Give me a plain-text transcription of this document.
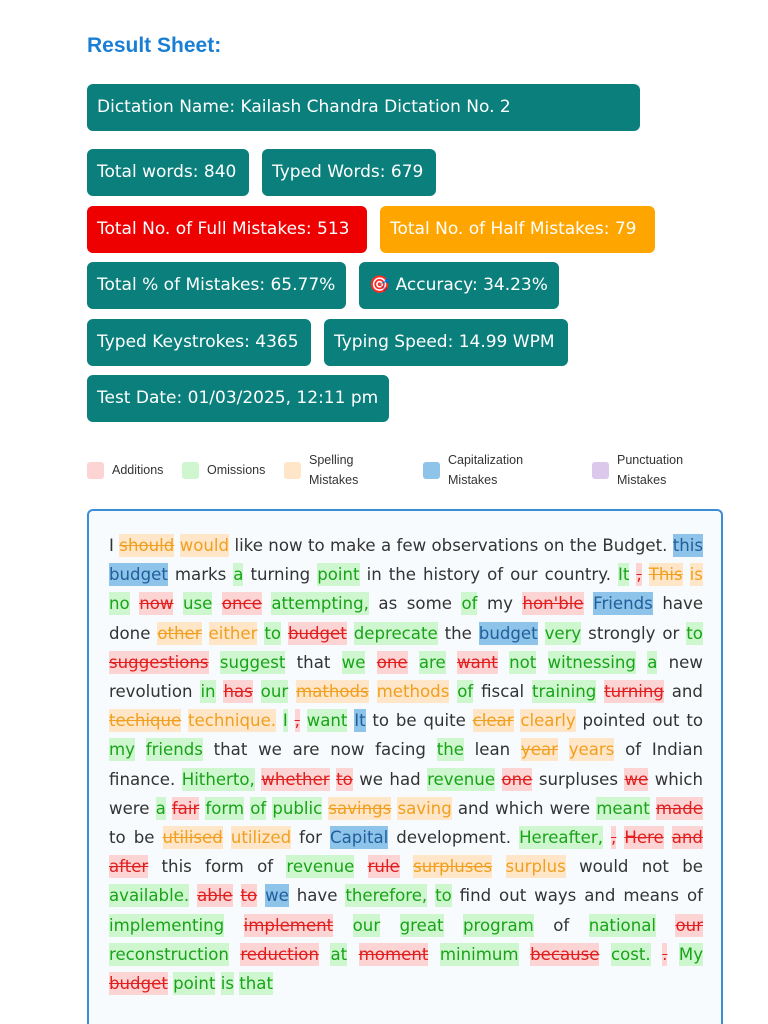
Result Sheet:
Dictation Name: Kailash Chandra Dictation No. 2
Total words: 840	Typed Words: 679
Total No. of Full Mistakes: 513	Total No. of Half Mistakes: 79
Total % of Mistakes: 65.77%	🎯 Accuracy: 34.23%
Typed Keystrokes: 4365	Typing Speed: 14.99 WPM
Test Date: 01/03/2025, 12:11 pm
Additions	Omissions
Spelling Mistakes
Capitalization Mistakes
Punctuation Mistakes
I should would like now to make a few observations on the Budget. this budget marks a turning point in the history of our country. It , This is no now use once attempting, as some of my hon'ble Friends have done other either to budget deprecate the budget very strongly or to suggestions suggest that we one are want not witnessing a new revolution in has our mathods methods of fiscal training turning and techique technique. I , want It to be quite clear clearly pointed out to my friends that we are now facing the lean year years of Indian finance. Hitherto, whether to we had revenue one surpluses we which were a fair form of public savings saving and which were meant made to be utilised utilized for Capital development. Hereafter, , Here and after this form of revenue rule surpluses surplus would not be available. able to we have therefore, to find out ways and means of implementing implement our great program of national our reconstruction reduction at moment minimum because cost. . My budget point is that
